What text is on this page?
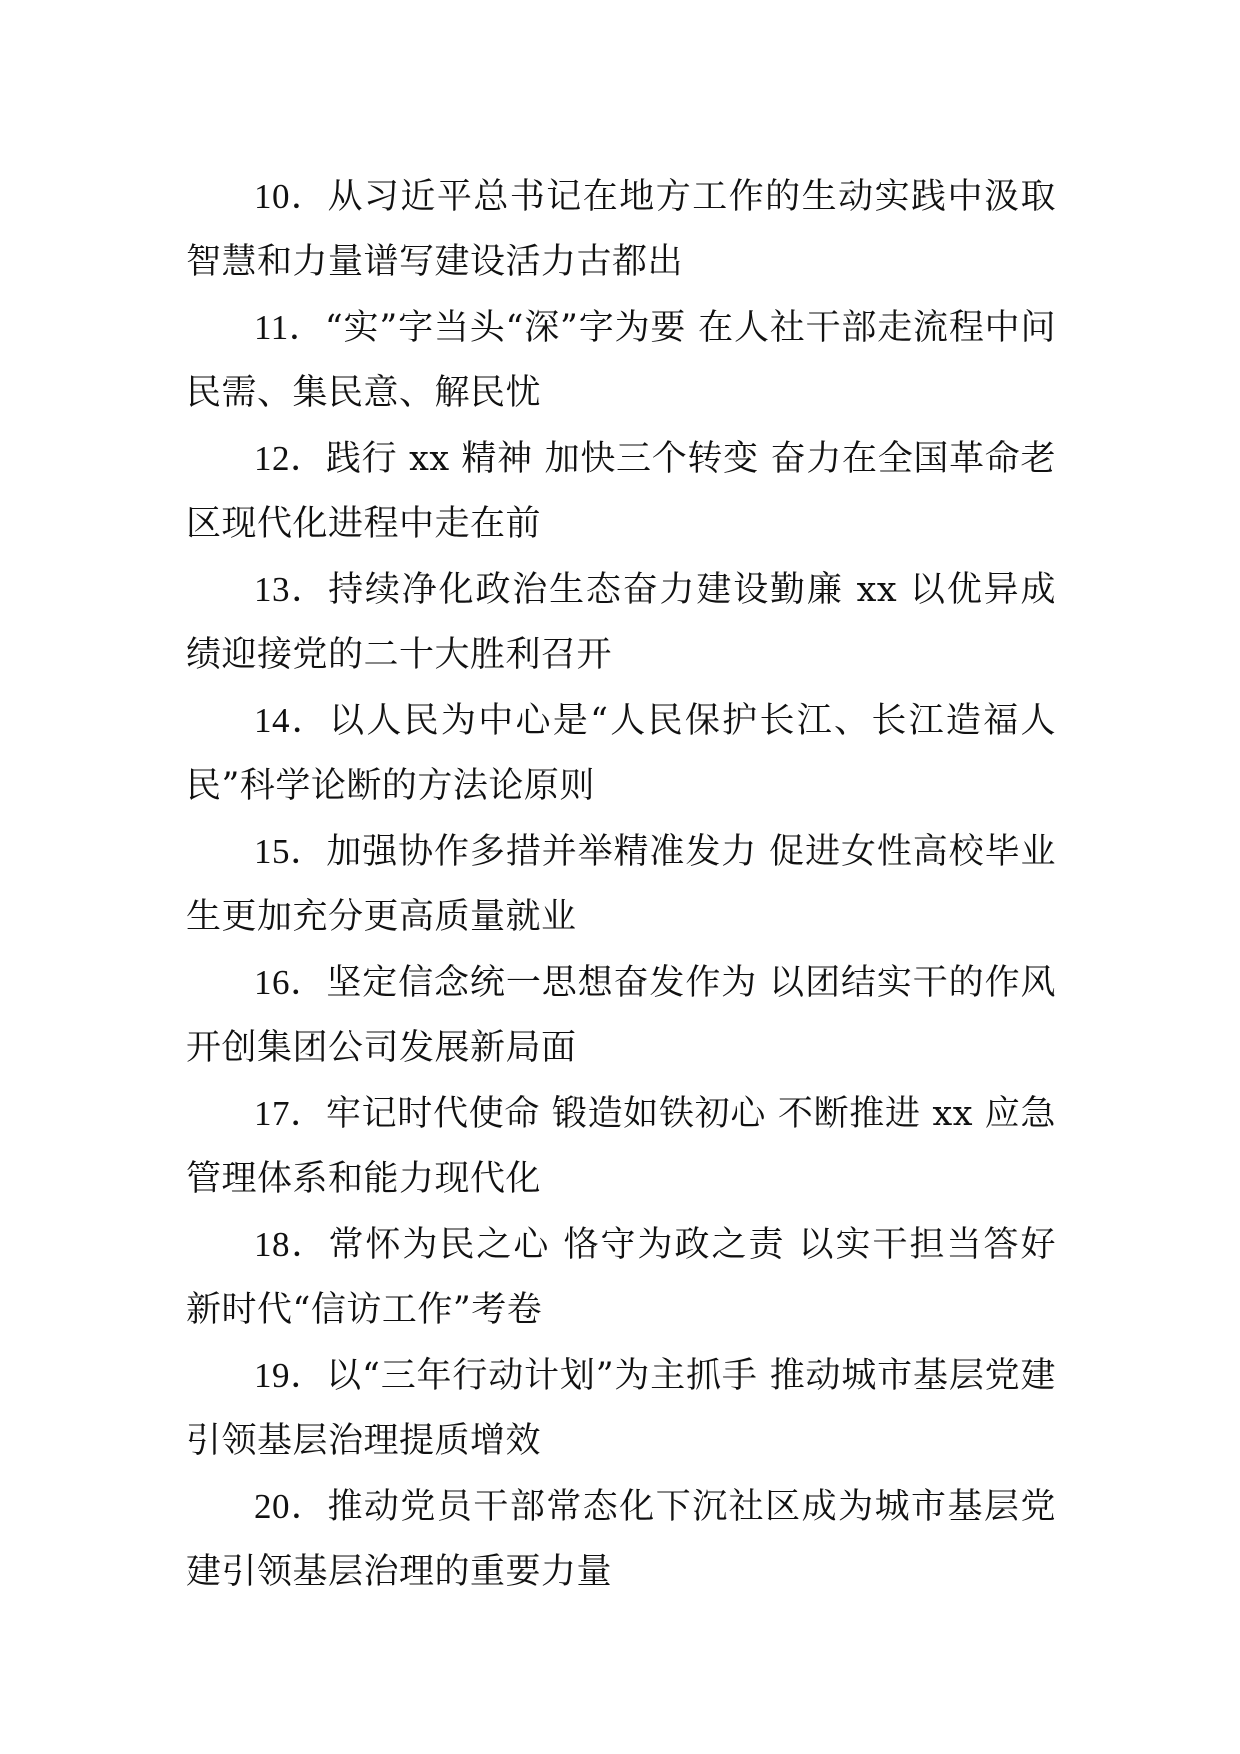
10．从习近平总书记在地方工作的生动实践中汲取智慧和力量谱写建设活力古都出

11．“实”字当头“深”字为要 在人社干部走流程中问民需、集民意、解民忧

12．践行 xx 精神 加快三个转变 奋力在全国革命老区现代化进程中走在前

13．持续净化政治生态奋力建设勤廉 xx 以优异成绩迎接党的二十大胜利召开

14．以人民为中心是“人民保护长江、长江造福人民”科学论断的方法论原则

15．加强协作多措并举精准发力 促进女性高校毕业生更加充分更高质量就业

16．坚定信念统一思想奋发作为 以团结实干的作风开创集团公司发展新局面

17．牢记时代使命 锻造如铁初心 不断推进 xx 应急管理体系和能力现代化

18．常怀为民之心 恪守为政之责 以实干担当答好新时代“信访工作”考卷

19．以“三年行动计划”为主抓手 推动城市基层党建引领基层治理提质增效

20．推动党员干部常态化下沉社区成为城市基层党建引领基层治理的重要力量
